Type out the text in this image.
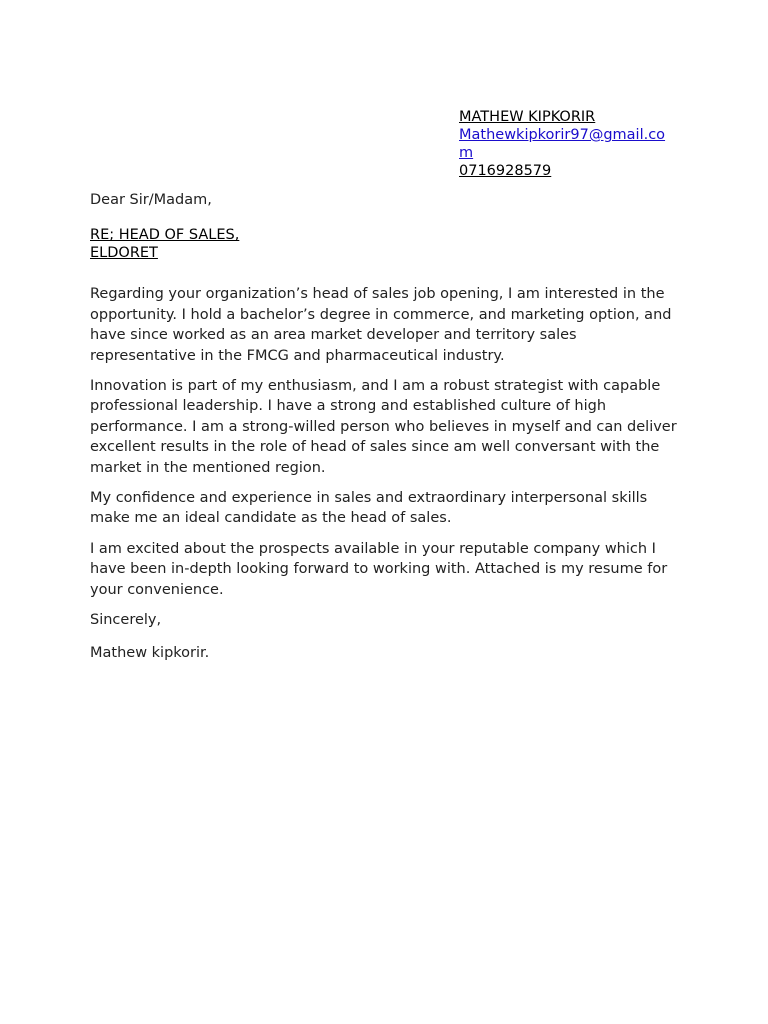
MATHEW KIPKORIR
Mathewkipkorir97@gmail.com
0716928579

Dear Sir/Madam,

RE; HEAD OF SALES,
ELDORET

Regarding your organization’s head of sales job opening, I am interested in the opportunity. I hold a bachelor’s degree in commerce, and marketing option, and have since worked as an area market developer and territory sales representative in the FMCG and pharmaceutical industry.

Innovation is part of my enthusiasm, and I am a robust strategist with capable professional leadership. I have a strong and established culture of high performance. I am a strong-willed person who believes in myself and can deliver excellent results in the role of head of sales since am well conversant with the market in the mentioned region.

My confidence and experience in sales and extraordinary interpersonal skills make me an ideal candidate as the head of sales.

I am excited about the prospects available in your reputable company which I have been in-depth looking forward to working with. Attached is my resume for your convenience.

Sincerely,

Mathew kipkorir.
